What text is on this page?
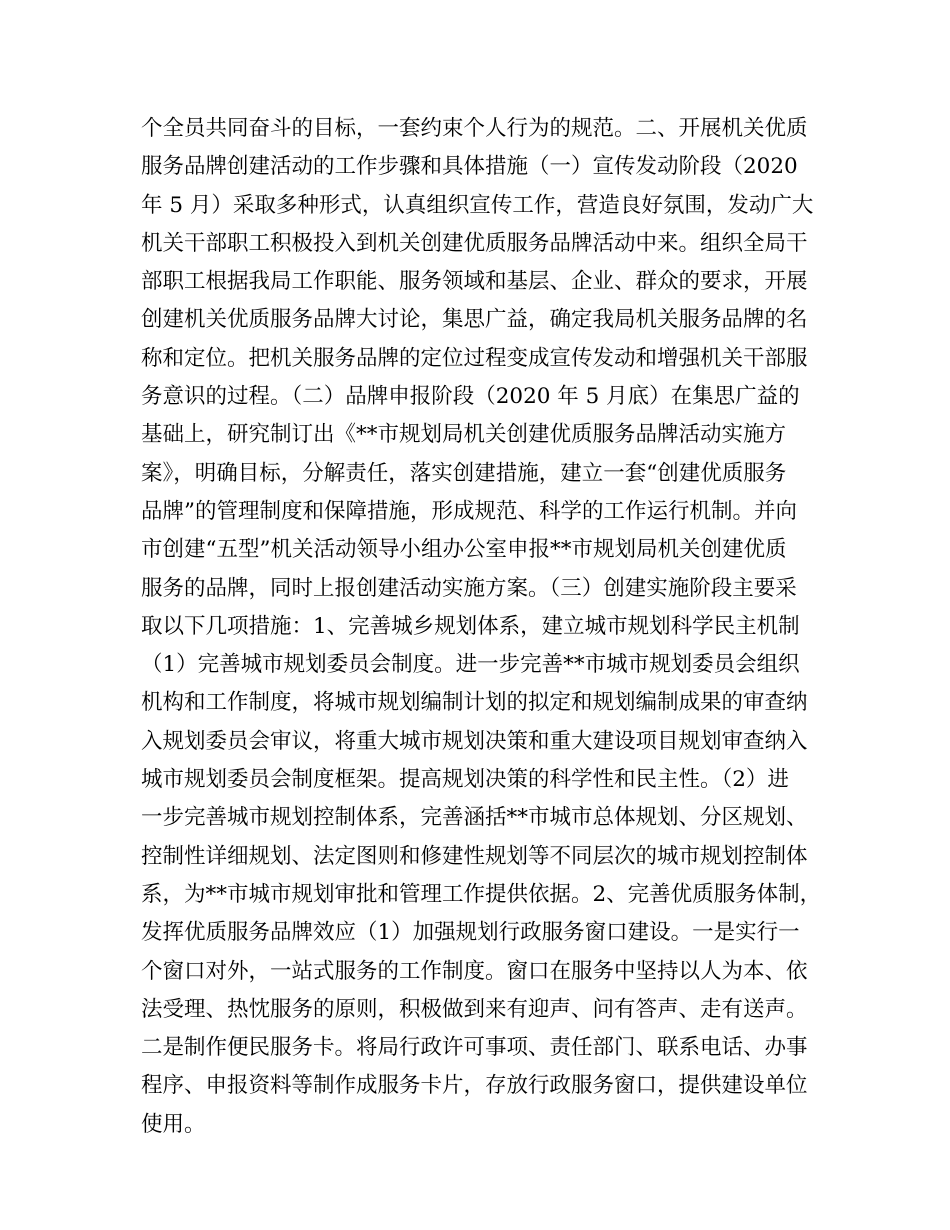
个全员共同奋斗的目标，一套约束个人行为的规范。二、开展机关优质
服务品牌创建活动的工作步骤和具体措施（一）宣传发动阶段（2020
年 5 月）采取多种形式，认真组织宣传工作，营造良好氛围，发动广大
机关干部职工积极投入到机关创建优质服务品牌活动中来。组织全局干
部职工根据我局工作职能、服务领域和基层、企业、群众的要求，开展
创建机关优质服务品牌大讨论，集思广益，确定我局机关服务品牌的名
称和定位。把机关服务品牌的定位过程变成宣传发动和增强机关干部服
务意识的过程。（二）品牌申报阶段（2020 年 5 月底）在集思广益的
基础上，研究制订出《**市规划局机关创建优质服务品牌活动实施方
案》，明确目标，分解责任，落实创建措施，建立一套“创建优质服务
品牌”的管理制度和保障措施，形成规范、科学的工作运行机制。并向
市创建“五型”机关活动领导小组办公室申报**市规划局机关创建优质
服务的品牌，同时上报创建活动实施方案。（三）创建实施阶段主要采
取以下几项措施：1、完善城乡规划体系，建立城市规划科学民主机制
（1）完善城市规划委员会制度。进一步完善**市城市规划委员会组织
机构和工作制度，将城市规划编制计划的拟定和规划编制成果的审查纳
入规划委员会审议，将重大城市规划决策和重大建设项目规划审查纳入
城市规划委员会制度框架。提高规划决策的科学性和民主性。（2）进
一步完善城市规划控制体系，完善涵括**市城市总体规划、分区规划、
控制性详细规划、法定图则和修建性规划等不同层次的城市规划控制体
系，为**市城市规划审批和管理工作提供依据。2、完善优质服务体制，
发挥优质服务品牌效应（1）加强规划行政服务窗口建设。一是实行一
个窗口对外，一站式服务的工作制度。窗口在服务中坚持以人为本、依
法受理、热忱服务的原则，积极做到来有迎声、问有答声、走有送声。
二是制作便民服务卡。将局行政许可事项、责任部门、联系电话、办事
程序、申报资料等制作成服务卡片，存放行政服务窗口，提供建设单位
使用。
